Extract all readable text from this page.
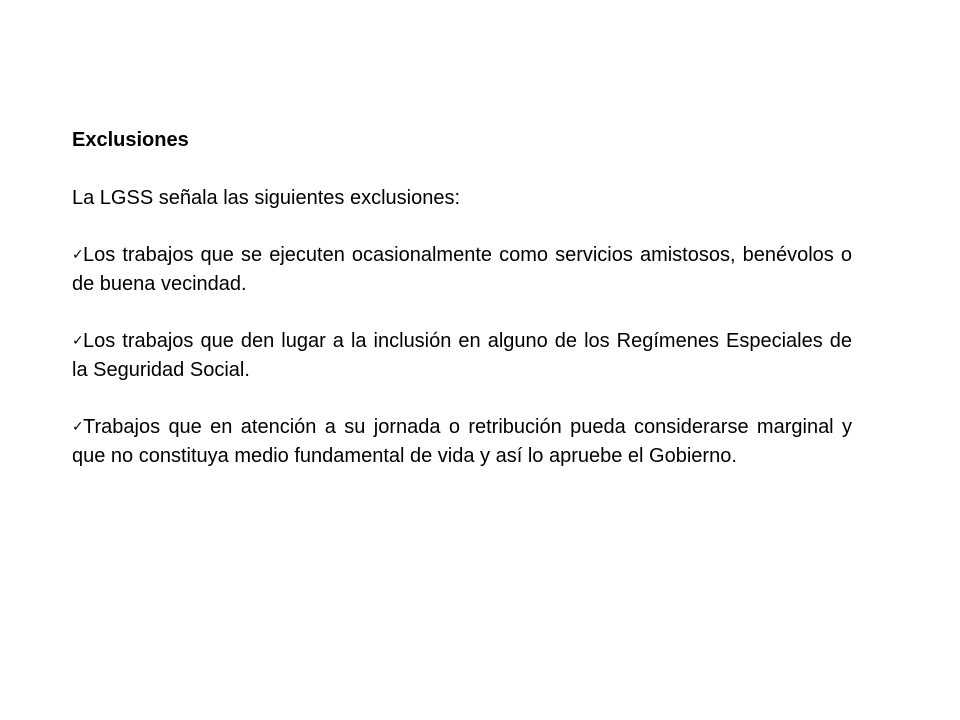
Exclusiones

La LGSS señala las siguientes exclusiones:

✓Los trabajos que se ejecuten ocasionalmente como servicios amistosos, benévolos o de buena vecindad.

✓Los trabajos que den lugar a la inclusión en alguno de los Regímenes Especiales de la Seguridad Social.

✓Trabajos que en atención a su jornada o retribución pueda considerarse marginal y que no constituya medio fundamental de vida y así lo apruebe el Gobierno.
